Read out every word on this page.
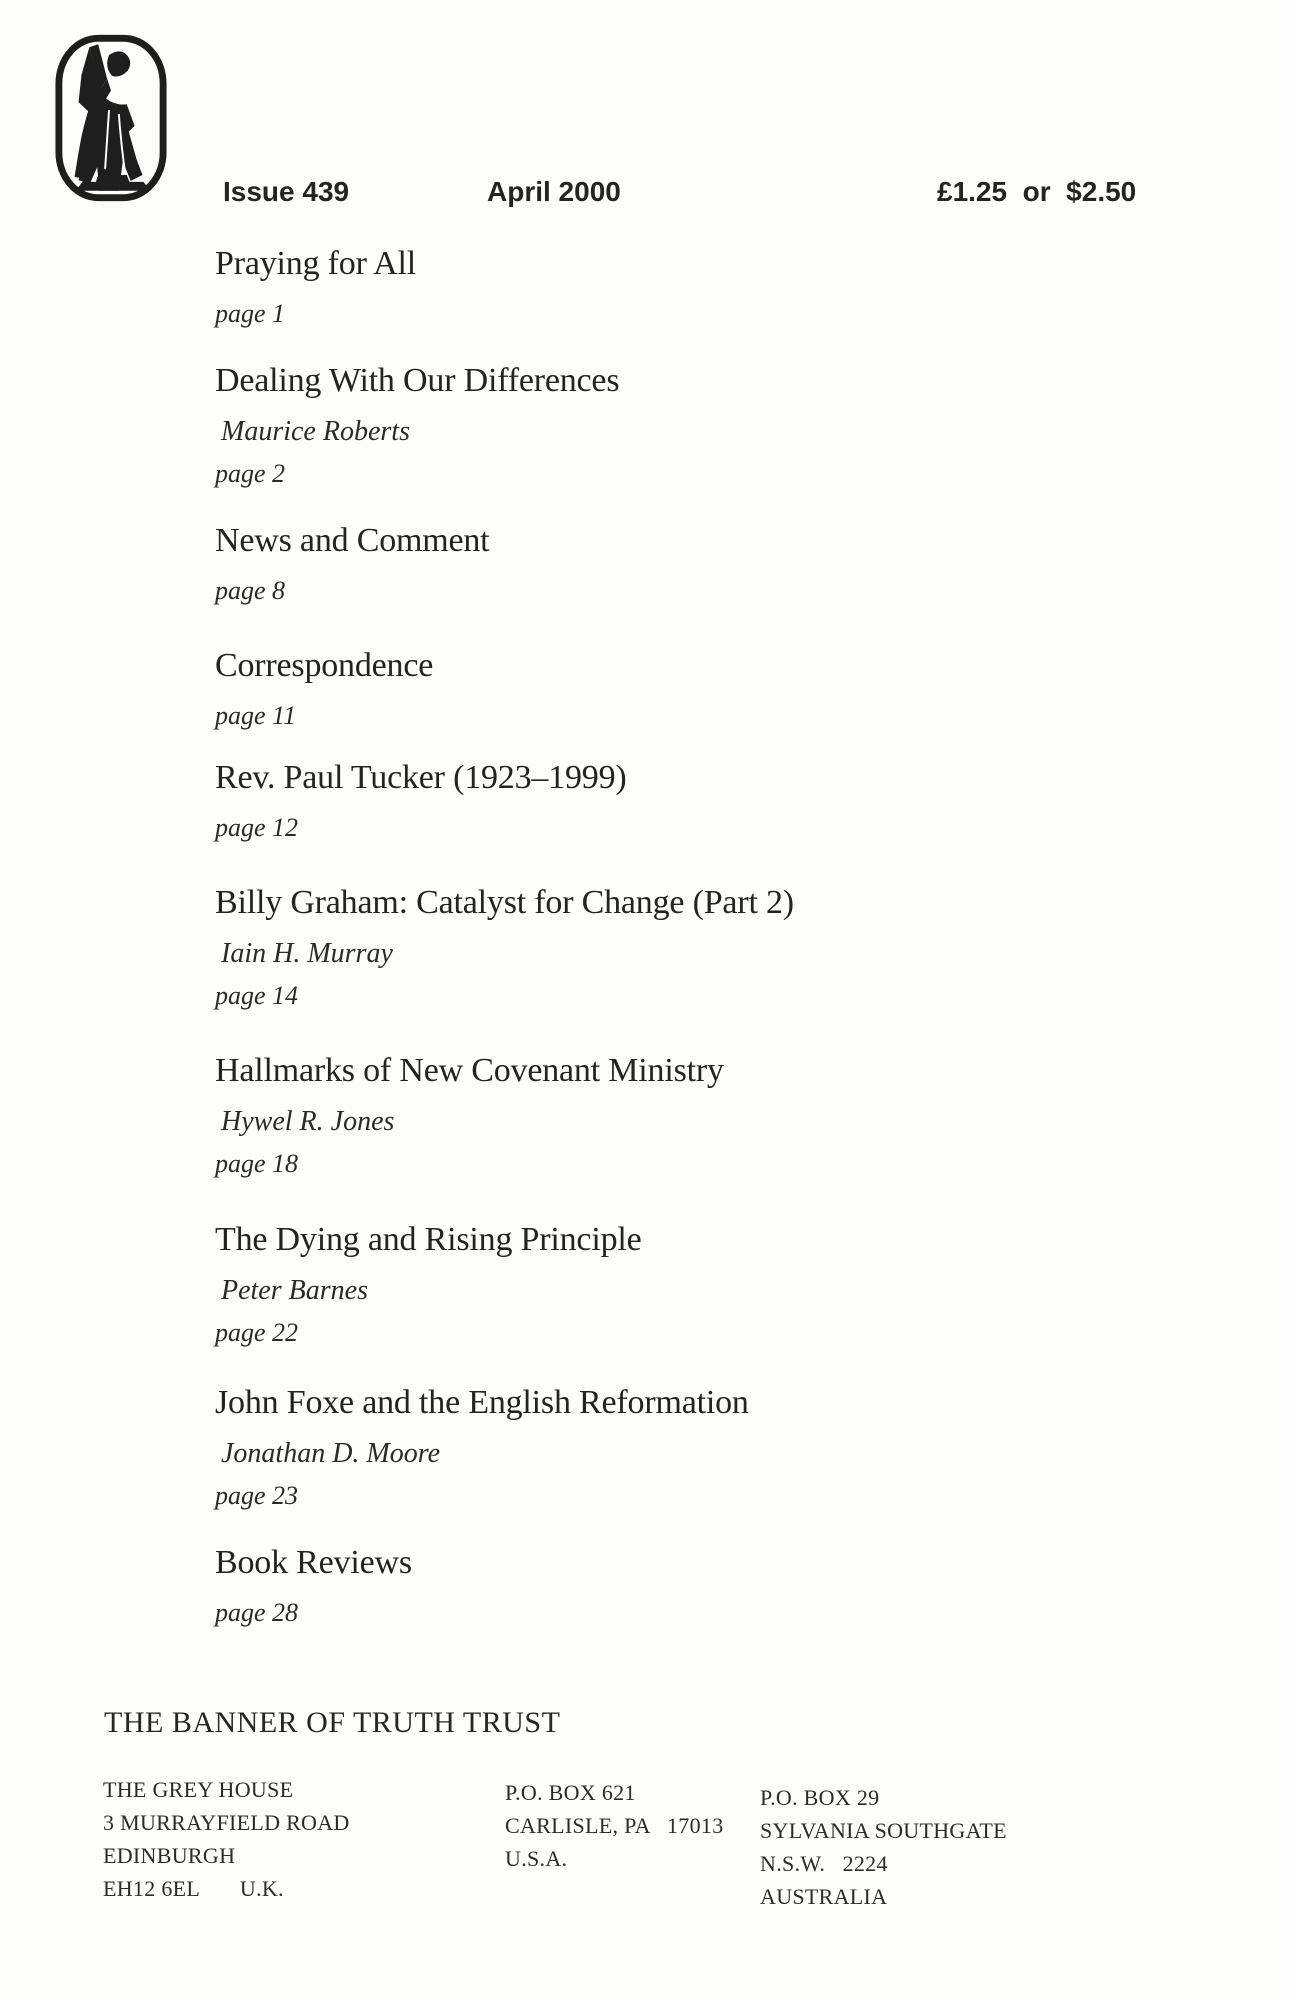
Issue 439	April 2000	£1.25  or  $2.50
Praying for All
page 1
Dealing With Our Differences
Maurice Roberts
page 2
News and Comment
page 8
Correspondence
page 11
Rev. Paul Tucker (1923–1999)
page 12
Billy Graham: Catalyst for Change (Part 2)
Iain H. Murray
page 14
Hallmarks of New Covenant Ministry
Hywel R. Jones
page 18
The Dying and Rising Principle
Peter Barnes
page 22
John Foxe and the English Reformation
Jonathan D. Moore
page 23
Book Reviews
page 28
THE BANNER OF TRUTH TRUST
THE GREY HOUSE
3 MURRAYFIELD ROAD
EDINBURGH
EH12 6EL       U.K.
P.O. BOX 621
CARLISLE, PA   17013
U.S.A.
P.O. BOX 29
SYLVANIA SOUTHGATE
N.S.W.   2224
AUSTRALIA
